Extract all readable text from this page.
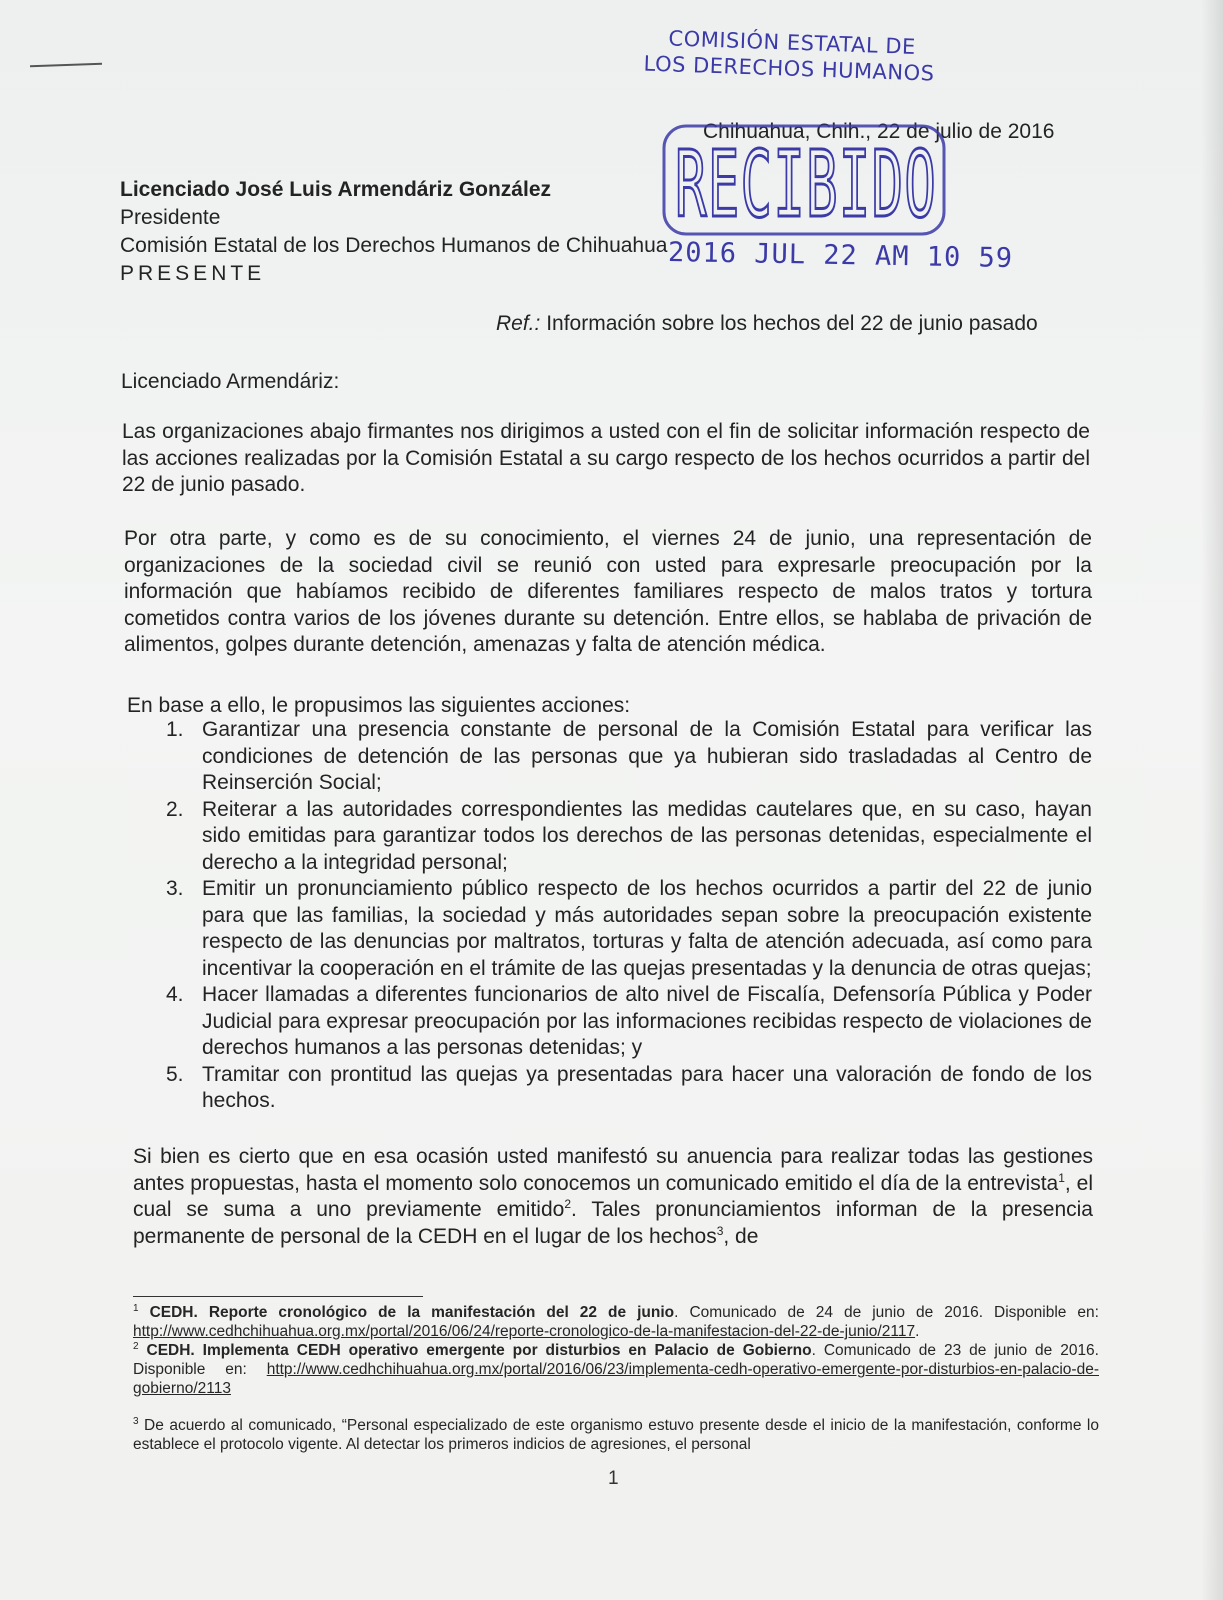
COMISIÓN ESTATAL DE
LOS DERECHOS HUMANOS
Chihuahua, Chih., 22 de julio de 2016
RECIBIDO
2016 JUL 22 AM 10 59
Licenciado José Luis Armendáriz González
Presidente
Comisión Estatal de los Derechos Humanos de Chihuahua
PRESENTE
Ref.: Información sobre los hechos del 22 de junio pasado
Licenciado Armendáriz:
Las organizaciones abajo firmantes nos dirigimos a usted con el fin de solicitar información respecto de las acciones realizadas por la Comisión Estatal a su cargo respecto de los hechos ocurridos a partir del 22 de junio pasado.
Por otra parte, y como es de su conocimiento, el viernes 24 de junio, una representación de organizaciones de la sociedad civil se reunió con usted para expresarle preocupación por la información que habíamos recibido de diferentes familiares respecto de malos tratos y tortura cometidos contra varios de los jóvenes durante su detención. Entre ellos, se hablaba de privación de alimentos, golpes durante detención, amenazas y falta de atención médica.
En base a ello, le propusimos las siguientes acciones:
1. Garantizar una presencia constante de personal de la Comisión Estatal para verificar las condiciones de detención de las personas que ya hubieran sido trasladadas al Centro de Reinserción Social;
2. Reiterar a las autoridades correspondientes las medidas cautelares que, en su caso, hayan sido emitidas para garantizar todos los derechos de las personas detenidas, especialmente el derecho a la integridad personal;
3. Emitir un pronunciamiento público respecto de los hechos ocurridos a partir del 22 de junio para que las familias, la sociedad y más autoridades sepan sobre la preocupación existente respecto de las denuncias por maltratos, torturas y falta de atención adecuada, así como para incentivar la cooperación en el trámite de las quejas presentadas y la denuncia de otras quejas;
4. Hacer llamadas a diferentes funcionarios de alto nivel de Fiscalía, Defensoría Pública y Poder Judicial para expresar preocupación por las informaciones recibidas respecto de violaciones de derechos humanos a las personas detenidas; y
5. Tramitar con prontitud las quejas ya presentadas para hacer una valoración de fondo de los hechos.
Si bien es cierto que en esa ocasión usted manifestó su anuencia para realizar todas las gestiones antes propuestas, hasta el momento solo conocemos un comunicado emitido el día de la entrevista$^1$, el cual se suma a uno previamente emitido$^2$. Tales pronunciamientos informan de la presencia permanente de personal de la CEDH en el lugar de los hechos$^3$, de
$^1$ CEDH. Reporte cronológico de la manifestación del 22 de junio. Comunicado de 24 de junio de 2016. Disponible en: http://www.cedhchihuahua.org.mx/portal/2016/06/24/reporte-cronologico-de-la-manifestacion-del-22-de-junio/2117.
$^2$ CEDH. Implementa CEDH operativo emergente por disturbios en Palacio de Gobierno. Comunicado de 23 de junio de 2016. Disponible en: http://www.cedhchihuahua.org.mx/portal/2016/06/23/implementa-cedh-operativo-emergente-por-disturbios-en-palacio-de-gobierno/2113
$^3$ De acuerdo al comunicado, “Personal especializado de este organismo estuvo presente desde el inicio de la manifestación, conforme lo establece el protocolo vigente. Al detectar los primeros indicios de agresiones, el personal
1
